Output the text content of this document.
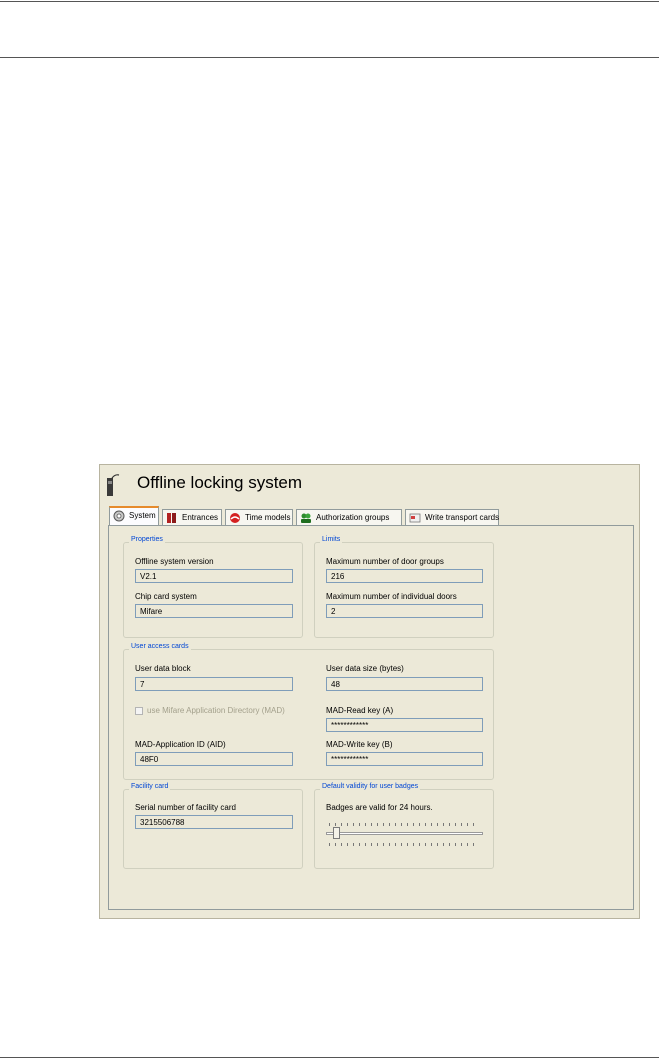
Offline locking system
System	Entrances	Time models	Authorization groups	Write transport cards
Properties
Offline system version
V2.1
Chip card system
Mifare
Limits
Maximum number of door groups
216
Maximum number of individual doors
2
User access cards
User data block
7
User data size (bytes)
48
use Mifare Application Directory (MAD)	MAD-Read key (A)
************
MAD-Application ID (AID)
48F0
MAD-Write key (B)
************
Facility card
Serial number of facility card
3215506788
Default validity for user badges
Badges are valid for 24 hours.
